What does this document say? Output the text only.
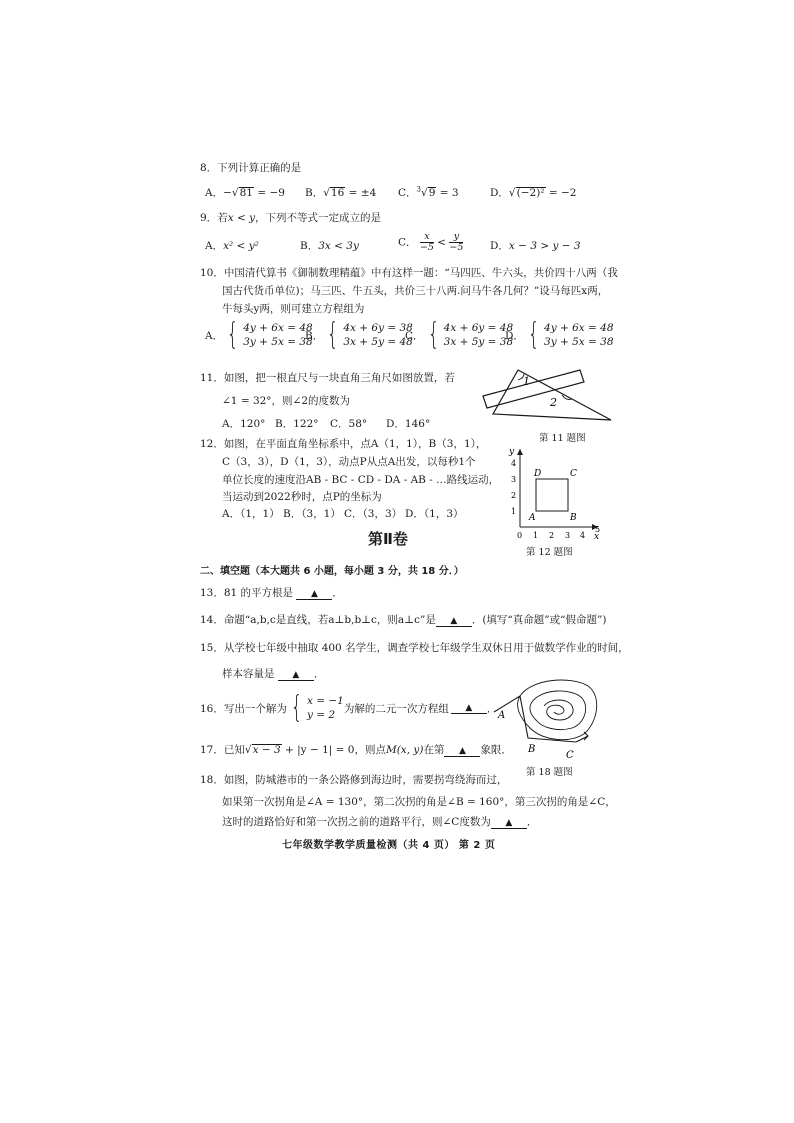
8．下列计算正确的是
A．−√81 = −9 B．√16 = ±4 C．$^3$√9 = 3	D．√(−2)² = −2
9．若x < y，下列不等式一定成立的是
A．x² < y²	B．3x < 3y	C． $\frac{x}{-5} < \frac{y}{-5}$	D．x − 3 > y − 3
10．中国清代算书《御制数理精蕴》中有这样一题：“马四匹、牛六头，共价四十八两（我
国古代货币单位)；马三匹、牛五头，共价三十八两.问马牛各几何？”设马每匹x两，
牛每头y两，则可建立方程组为
A． { 4y + 6x = 48
3y + 5x = 38
B． { 4x + 6y = 38
3x + 5y = 48
C． { 4x + 6y = 48
3x + 5y = 38
D． { 4y + 6x = 48
3y + 5x = 38
11．如图，把一根直尺与一块直角三角尺如图放置，若
∠1 = 32°，则∠2的度数为
A．120° B．122° C．58° D．146°
1
2
第 11 题图
12．如图，在平面直角坐标系中，点A（1，1），B（3，1），
C（3，3），D（1，3），动点P从点A出发，以每秒1个
单位长度的速度沿AB - BC - CD - DA - AB - …路线运动，
当运动到2022秒时，点P的坐标为
A．（1，1） B．（3，1） C．（3，3） D．（1，3）
y
x
4
3
2
1
0 1 2 3 4
5
A	B
C
D
第 12 题图
第Ⅱ卷
二、填空题（本大题共 6 小题，每小题 3 分，共 18 分．）
13．81 的平方根是 ▲ ．
14．命题“a,b,c是直线，若a⊥b,b⊥c，则a⊥c”是 ▲ ．(填写“真命题”或“假命题”)
15．从学校七年级中抽取 400 名学生，调查学校七年级学生双休日用于做数学作业的时间，
样本容量是 ▲ ．
16．写出一个解为 { x = −1
y = 2
为解的二元一次方程组	▲	．
17．已知√x − 3 + |y − 1| = 0，则点M(x, y)在第 ▲ 象限．
A
B
C
第 18 题图
18．如图，防城港市的一条公路修到海边时，需要拐弯绕海而过，
如果第一次拐角是∠A = 130°，第二次拐的角是∠B = 160°，第三次拐的角是∠C，
这时的道路恰好和第一次拐之前的道路平行，则∠C度数为 ▲ ．
七年级数学教学质量检测（共 4 页） 第 2 页
